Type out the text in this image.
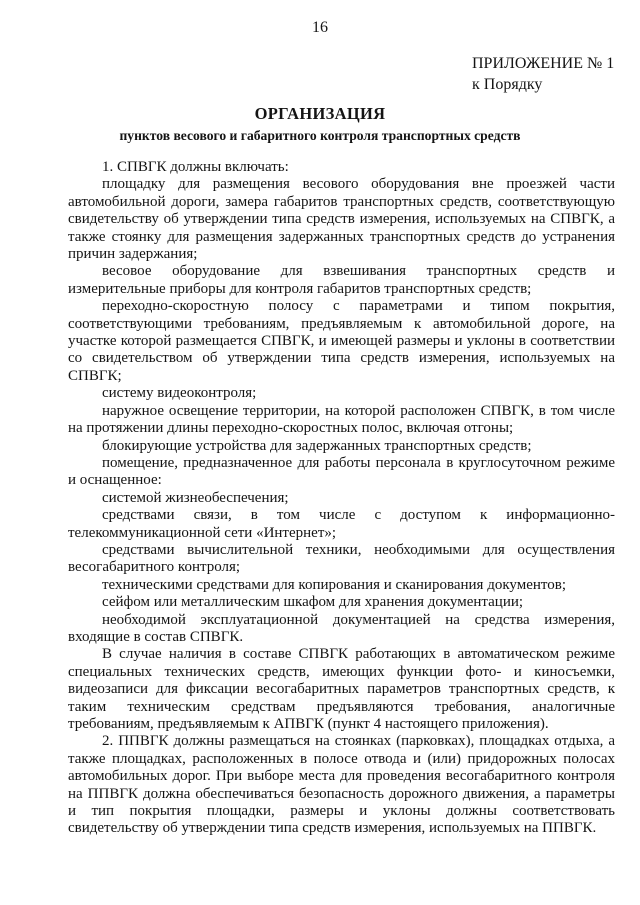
16
ПРИЛОЖЕНИЕ № 1
к Порядку
ОРГАНИЗАЦИЯ
пунктов весового и габаритного контроля транспортных средств

1. СПВГК должны включать:

площадку для размещения весового оборудования вне проезжей части автомобильной дороги, замера габаритов транспортных средств, соответствующую свидетельству об утверждении типа средств измерения, используемых на СПВГК, а также стоянку для размещения задержанных транспортных средств до устранения причин задержания;

весовое оборудование для взвешивания транспортных средств и измерительные приборы для контроля габаритов транспортных средств;

переходно-скоростную полосу с параметрами и типом покрытия, соответствующими требованиям, предъявляемым к автомобильной дороге, на участке которой размещается СПВГК, и имеющей размеры и уклоны в соответствии со свидетельством об утверждении типа средств измерения, используемых на СПВГК;

систему видеоконтроля;

наружное освещение территории, на которой расположен СПВГК, в том числе на протяжении длины переходно-скоростных полос, включая отгоны;

блокирующие устройства для задержанных транспортных средств;

помещение, предназначенное для работы персонала в круглосуточном режиме и оснащенное:

системой жизнеобеспечения;

средствами связи, в том числе с доступом к информационно-телекоммуникационной сети «Интернет»;

средствами вычислительной техники, необходимыми для осуществления весогабаритного контроля;

техническими средствами для копирования и сканирования документов;

сейфом или металлическим шкафом для хранения документации;

необходимой эксплуатационной документацией на средства измерения, входящие в состав СПВГК.

В случае наличия в составе СПВГК работающих в автоматическом режиме специальных технических средств, имеющих функции фото- и киносъемки, видеозаписи для фиксации весогабаритных параметров транспортных средств, к таким техническим средствам предъявляются требования, аналогичные требованиям, предъявляемым к АПВГК (пункт 4 настоящего приложения).

2. ППВГК должны размещаться на стоянках (парковках), площадках отдыха, а также площадках, расположенных в полосе отвода и (или) придорожных полосах автомобильных дорог. При выборе места для проведения весогабаритного контроля на ППВГК должна обеспечиваться безопасность дорожного движения, а параметры и тип покрытия площадки, размеры и уклоны должны соответствовать свидетельству об утверждении типа средств измерения, используемых на ППВГК.
